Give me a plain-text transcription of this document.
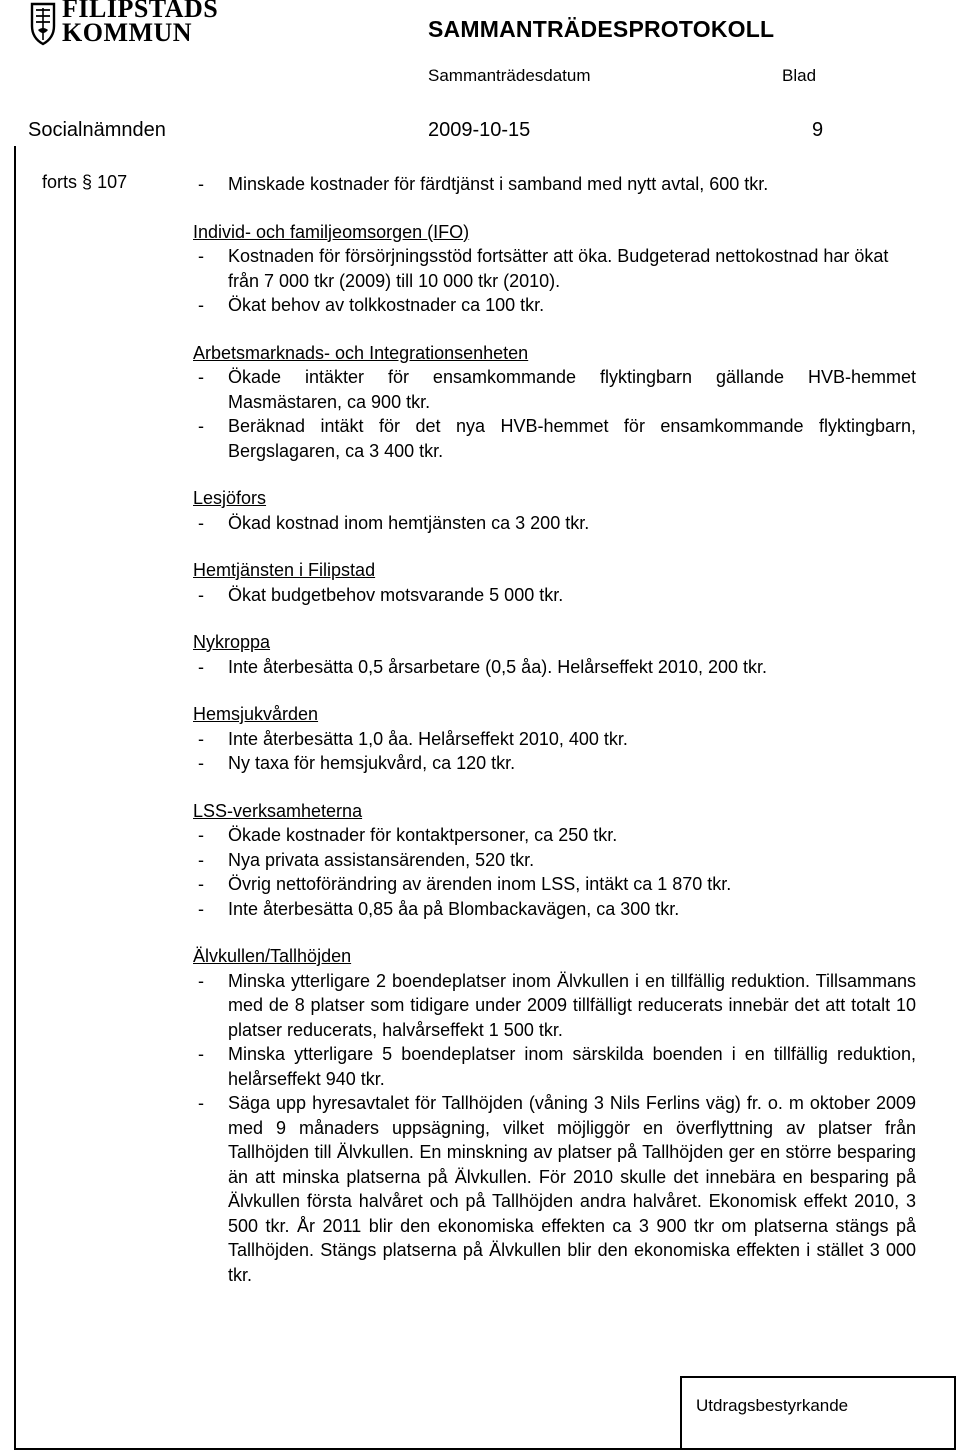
FILIPSTADS
KOMMUN	SAMMANTRÄDESPROTOKOLL
Sammanträdesdatum	Blad
Socialnämnden	2009-10-15	9
Utdragsbestyrkande
forts § 107	- Minskade kostnader för färdtjänst i samband med nytt avtal, 600 tkr.

Individ- och familjeomsorgen (IFO)

- Kostnaden för försörjningsstöd fortsätter att öka. Budgeterad nettokostnad har ökat från 7 000 tkr (2009) till 10 000 tkr (2010).

- Ökat behov av tolkkostnader ca 100 tkr.

Arbetsmarknads- och Integrationsenheten

- Ökade intäkter för ensamkommande flyktingbarn gällande HVB-hemmet Masmästaren, ca 900 tkr.

- Beräknad intäkt för det nya HVB-hemmet för ensamkommande flyktingbarn, Bergslagaren, ca 3 400 tkr.

Lesjöfors

- Ökad kostnad inom hemtjänsten ca 3 200 tkr.

Hemtjänsten i Filipstad

- Ökat budgetbehov motsvarande 5 000 tkr.

Nykroppa

- Inte återbesätta 0,5 årsarbetare (0,5 åa). Helårseffekt 2010, 200 tkr.

Hemsjukvården

- Inte återbesätta 1,0 åa. Helårseffekt 2010, 400 tkr.

- Ny taxa för hemsjukvård, ca 120 tkr.

LSS-verksamheterna

- Ökade kostnader för kontaktpersoner, ca 250 tkr.

- Nya privata assistansärenden, 520 tkr.

- Övrig nettoförändring av ärenden inom LSS, intäkt ca 1 870 tkr.

- Inte återbesätta 0,85 åa på Blombackavägen, ca 300 tkr.

Älvkullen/Tallhöjden

- Minska ytterligare 2 boendeplatser inom Älvkullen i en tillfällig reduktion. Tillsammans med de 8 platser som tidigare under 2009 tillfälligt reducerats innebär det att totalt 10 platser reducerats, halvårseffekt 1 500 tkr.

- Minska ytterligare 5 boendeplatser inom särskilda boenden i en tillfällig reduktion, helårseffekt 940 tkr.

- Säga upp hyresavtalet för Tallhöjden (våning 3 Nils Ferlins väg) fr. o. m oktober 2009 med 9 månaders uppsägning, vilket möjliggör en överflyttning av platser från Tallhöjden till Älvkullen. En minskning av platser på Tallhöjden ger en större besparing än att minska platserna på Älvkullen. För 2010 skulle det innebära en besparing på Älvkullen första halvåret och på Tallhöjden andra halvåret. Ekonomisk effekt 2010, 3 500 tkr. År 2011 blir den ekonomiska effekten ca 3 900 tkr om platserna stängs på Tallhöjden. Stängs platserna på Älvkullen blir den ekonomiska effekten i stället 3 000 tkr.
